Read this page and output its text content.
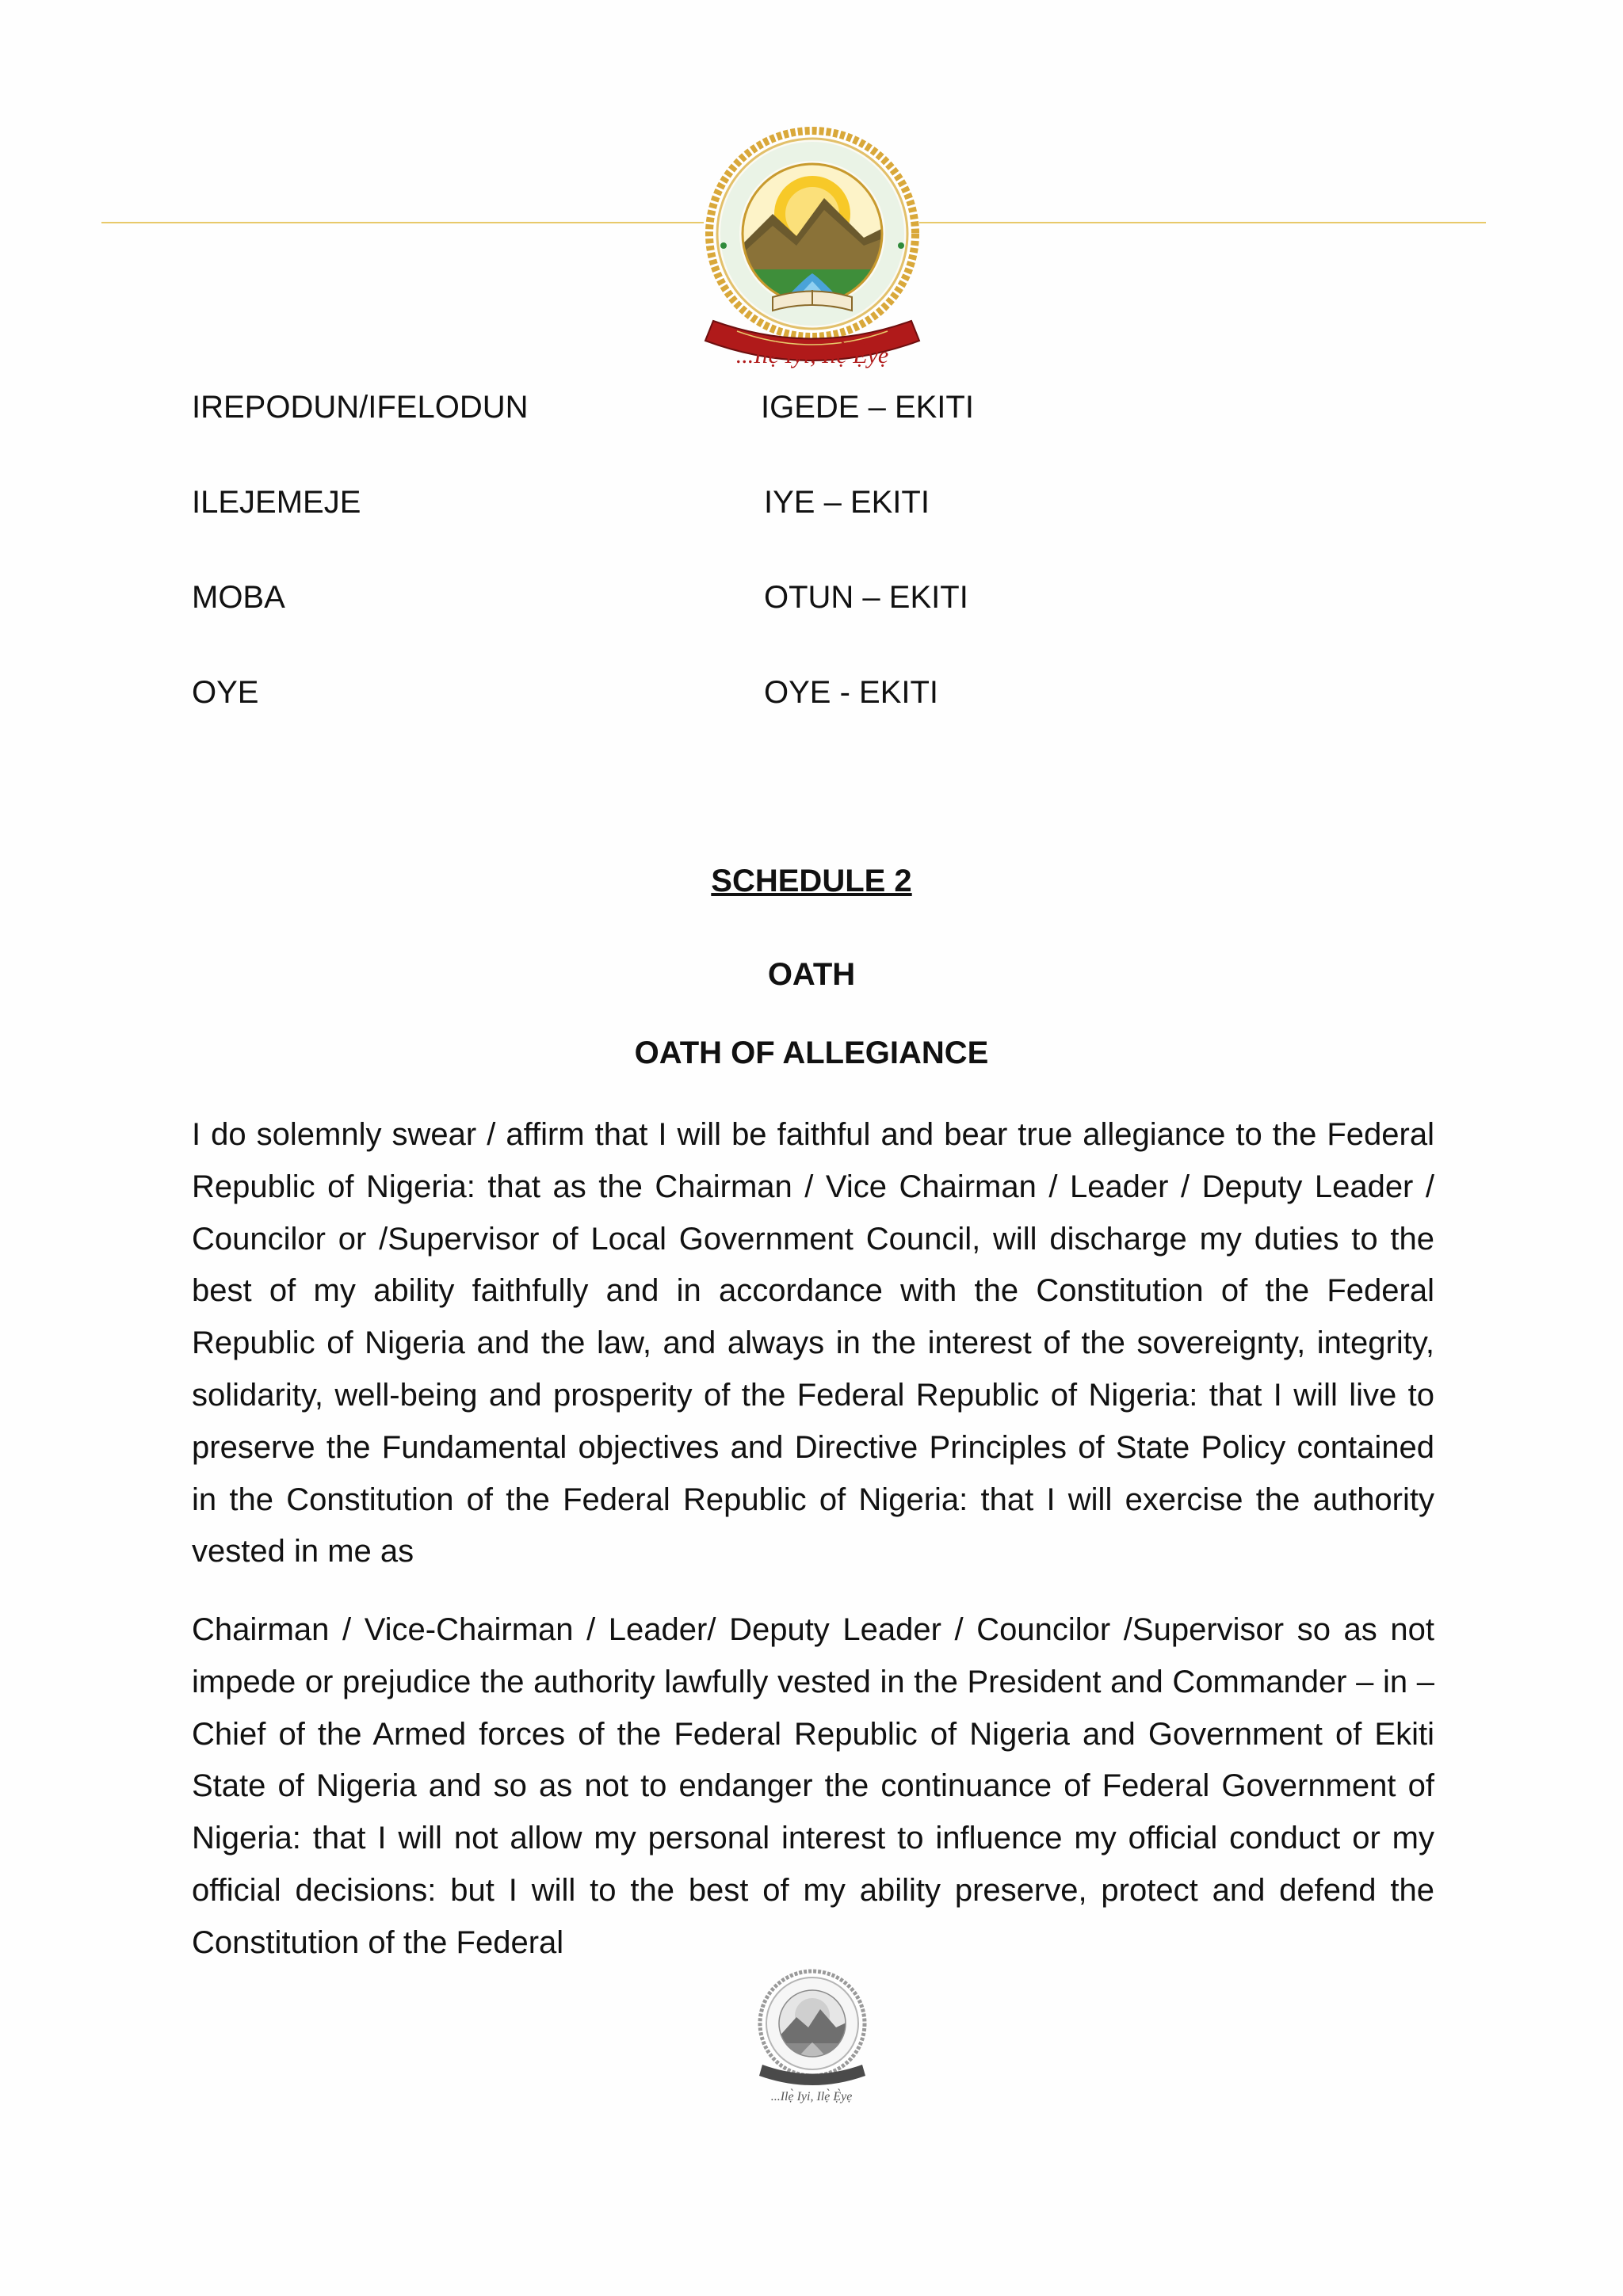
...Ilẹ̀ Iyi, Ilẹ̀ Ẹ̀yẹ
IREPODUN/IFELODUN	IGEDE – EKITI
ILEJEMEJE	IYE – EKITI
MOBA	OTUN – EKITI
OYE	OYE - EKITI
SCHEDULE 2
OATH
OATH OF ALLEGIANCE

I do solemnly swear / affirm that I will be faithful and bear true allegiance to the Federal Republic of Nigeria: that as the Chairman / Vice Chairman / Leader / Deputy Leader / Councilor or /Supervisor of Local Government Council, will discharge my duties to the best of my ability faithfully and in accordance with the Constitution of the Federal Republic of Nigeria and the law, and always in the interest of the sovereignty, integrity, solidarity, well-being and prosperity of the Federal Republic of Nigeria: that I will live to preserve the Fundamental objectives and Directive Principles of State Policy contained in the Constitution of the Federal Republic of Nigeria: that I will exercise the authority vested in me as

Chairman / Vice-Chairman / Leader/ Deputy Leader / Councilor /Supervisor so as not impede or prejudice the authority lawfully vested in the President and Commander – in – Chief of the Armed forces of the Federal Republic of Nigeria and Government of Ekiti State of Nigeria and so as not to endanger the continuance of Federal Government of Nigeria: that I will not allow my personal interest to influence my official conduct or my official decisions: but I will to the best of my ability preserve, protect and defend the Constitution of the Federal

...Ilẹ̀ Iyi, Ilẹ̀ Ẹ̀yẹ
